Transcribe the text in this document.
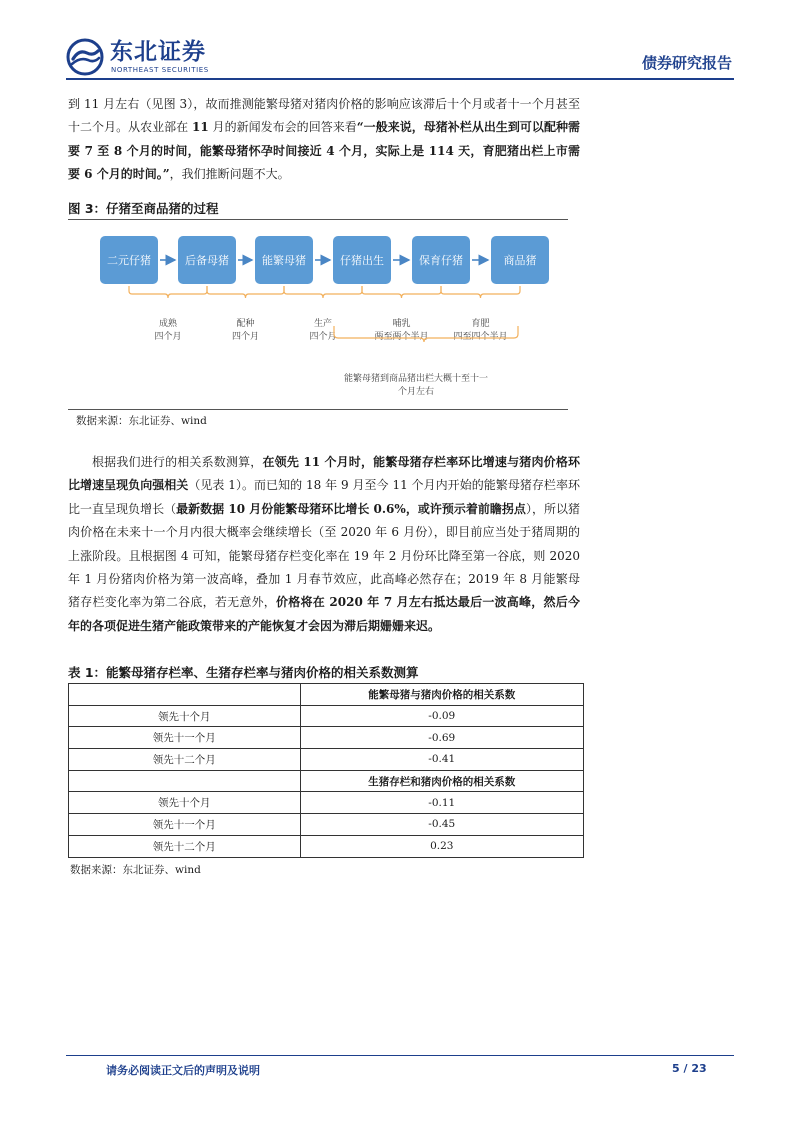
东北证券
NORTHEAST SECURITIES	债券研究报告
到 11 月左右（见图 3），故而推测能繁母猪对猪肉价格的影响应该滞后十个月或者十一个月甚至十二个月。从农业部在 11 月的新闻发布会的回答来看“一般来说，母猪补栏从出生到可以配种需要 7 至 8 个月的时间，能繁母猪怀孕时间接近 4 个月，实际上是 114 天，育肥猪出栏上市需要 6 个月的时间。”，我们推断问题不大。
图 3：仔猪至商品猪的过程
二元仔猪	后备母猪	能繁母猪	仔猪出生	保育仔猪	商品猪
成熟
四个月
配种
四个月
生产
四个月
哺乳
两至两个半月
育肥
四至四个半月
能繁母猪到商品猪出栏大概十至十一
个月左右
数据来源：东北证券、wind
根据我们进行的相关系数测算，在领先 11 个月时，能繁母猪存栏率环比增速与猪肉价格环比增速呈现负向强相关（见表 1）。而已知的 18 年 9 月至今 11 个月内开始的能繁母猪存栏率环比一直呈现负增长（最新数据 10 月份能繁母猪环比增长 0.6%，或许预示着前瞻拐点），所以猪肉价格在未来十一个月内很大概率会继续增长（至 2020 年 6 月份），即目前应当处于猪周期的上涨阶段。且根据图 4 可知，能繁母猪存栏变化率在 19 年 2 月份环比降至第一谷底，则 2020 年 1 月份猪肉价格为第一波高峰，叠加 1 月春节效应，此高峰必然存在；2019 年 8 月能繁母猪存栏变化率为第二谷底，若无意外，价格将在 2020 年 7 月左右抵达最后一波高峰，然后今年的各项促进生猪产能政策带来的产能恢复才会因为滞后期姗姗来迟。
表 1：能繁母猪存栏率、生猪存栏率与猪肉价格的相关系数测算
	能繁母猪与猪肉价格的相关系数
领先十个月	-0.09
领先十一个月	-0.69
领先十二个月	-0.41
	生猪存栏和猪肉价格的相关系数
领先十个月	-0.11
领先十一个月	-0.45
领先十二个月	0.23
数据来源：东北证券、wind
请务必阅读正文后的声明及说明	5 / 23
